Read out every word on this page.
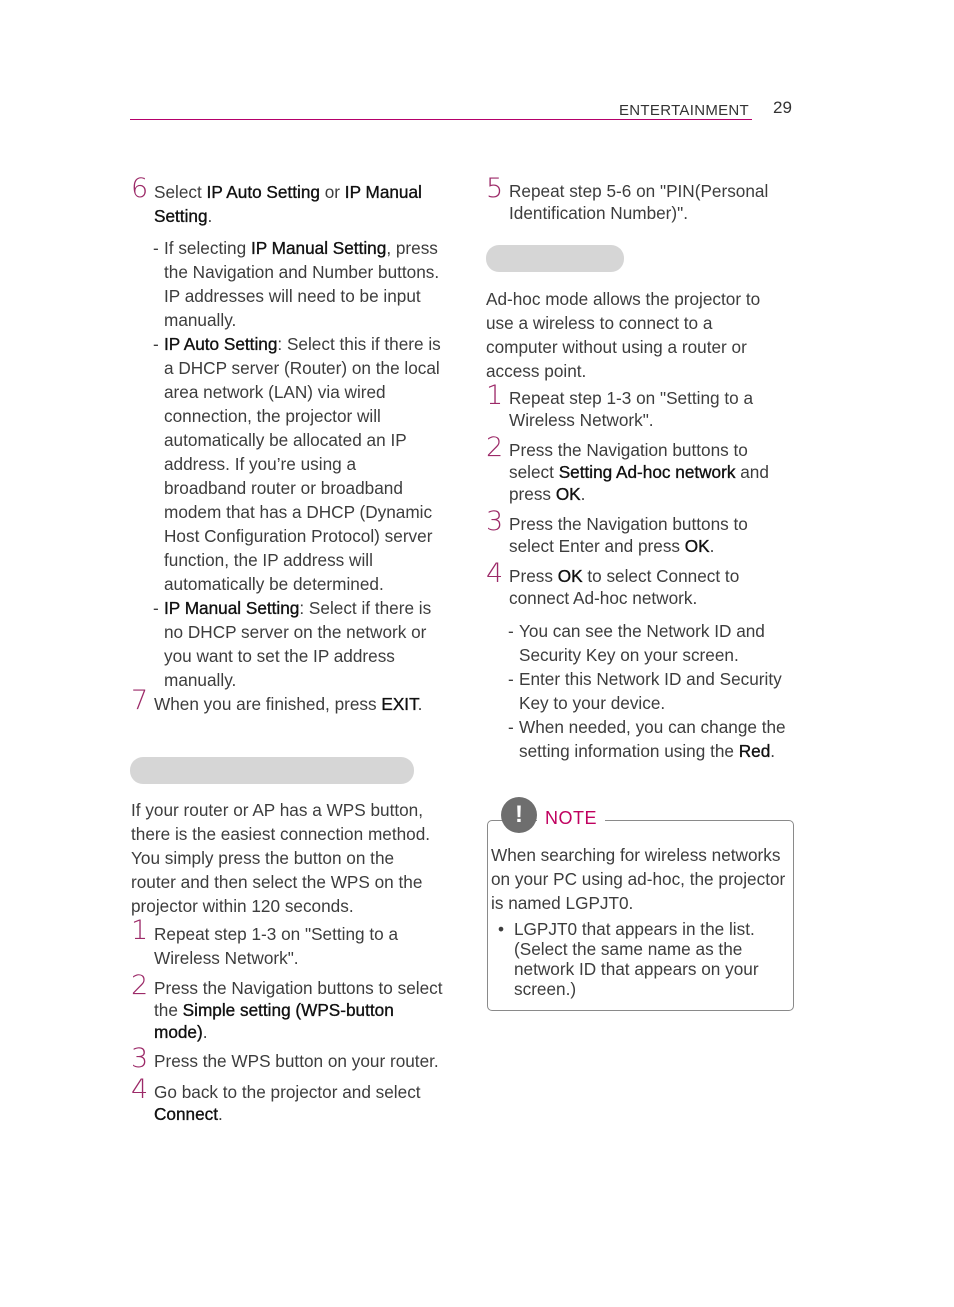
ENTERTAINMENT 29
6 Select IP Auto Setting or IP Manual Setting.
- If selecting IP Manual Setting, press the Navigation and Number buttons. IP addresses will need to be input manually.
- IP Auto Setting: Select this if there is a DHCP server (Router) on the local area network (LAN) via wired connection, the projector will automatically be allocated an IP address. If you’re using a broadband router or broadband modem that has a DHCP (Dynamic Host Configuration Protocol) server function, the IP address will automatically be determined.
- IP Manual Setting: Select if there is no DHCP server on the network or you want to set the IP address manually.
7 When you are finished, press EXIT.
If your router or AP has a WPS button, there is the easiest connection method. You simply press the button on the router and then select the WPS on the projector within 120 seconds.
1 Repeat step 1-3 on "Setting to a Wireless Network".
2 Press the Navigation buttons to select the Simple setting (WPS-button mode).
3 Press the WPS button on your router.
4 Go back to the projector and select Connect.
5 Repeat step 5-6 on "PIN(Personal Identification Number)".
Ad-hoc mode allows the projector to use a wireless to connect to a computer without using a router or access point.
1 Repeat step 1-3 on "Setting to a Wireless Network".
2 Press the Navigation buttons to select Setting Ad-hoc network and press OK.
3 Press the Navigation buttons to select Enter and press OK.
4 Press OK to select Connect to connect Ad-hoc network.
- You can see the Network ID and Security Key on your screen.
- Enter this Network ID and Security Key to your device.
- When needed, you can change the setting information using the Red.
!	NOTE
When searching for wireless networks on your PC using ad-hoc, the projector is named LGPJT0.
• LGPJT0 that appears in the list. (Select the same name as the network ID that appears on your screen.)
